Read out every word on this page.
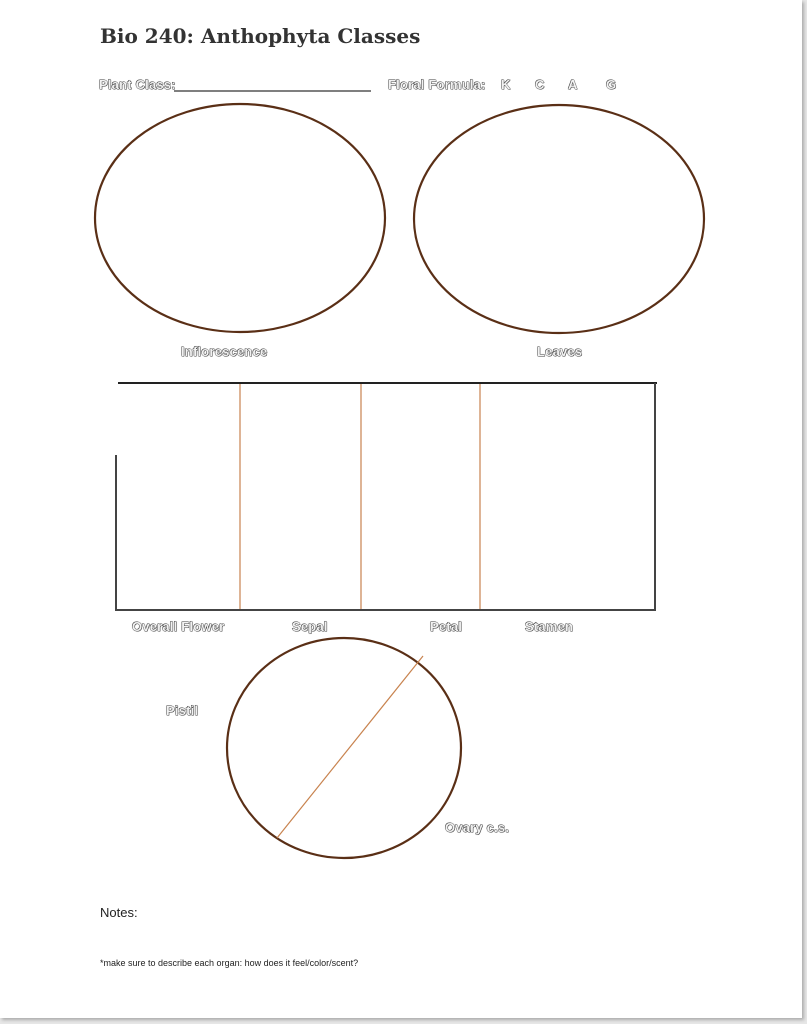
Bio 240: Anthophyta Classes
Plant Class:	Floral Formula: K C A G
Inflorescence	Leaves
Overall Flower	Sepal	Petal	Stamen
Pistil
Ovary c.s.
Notes:
*make sure to describe each organ: how does it feel/color/scent?
